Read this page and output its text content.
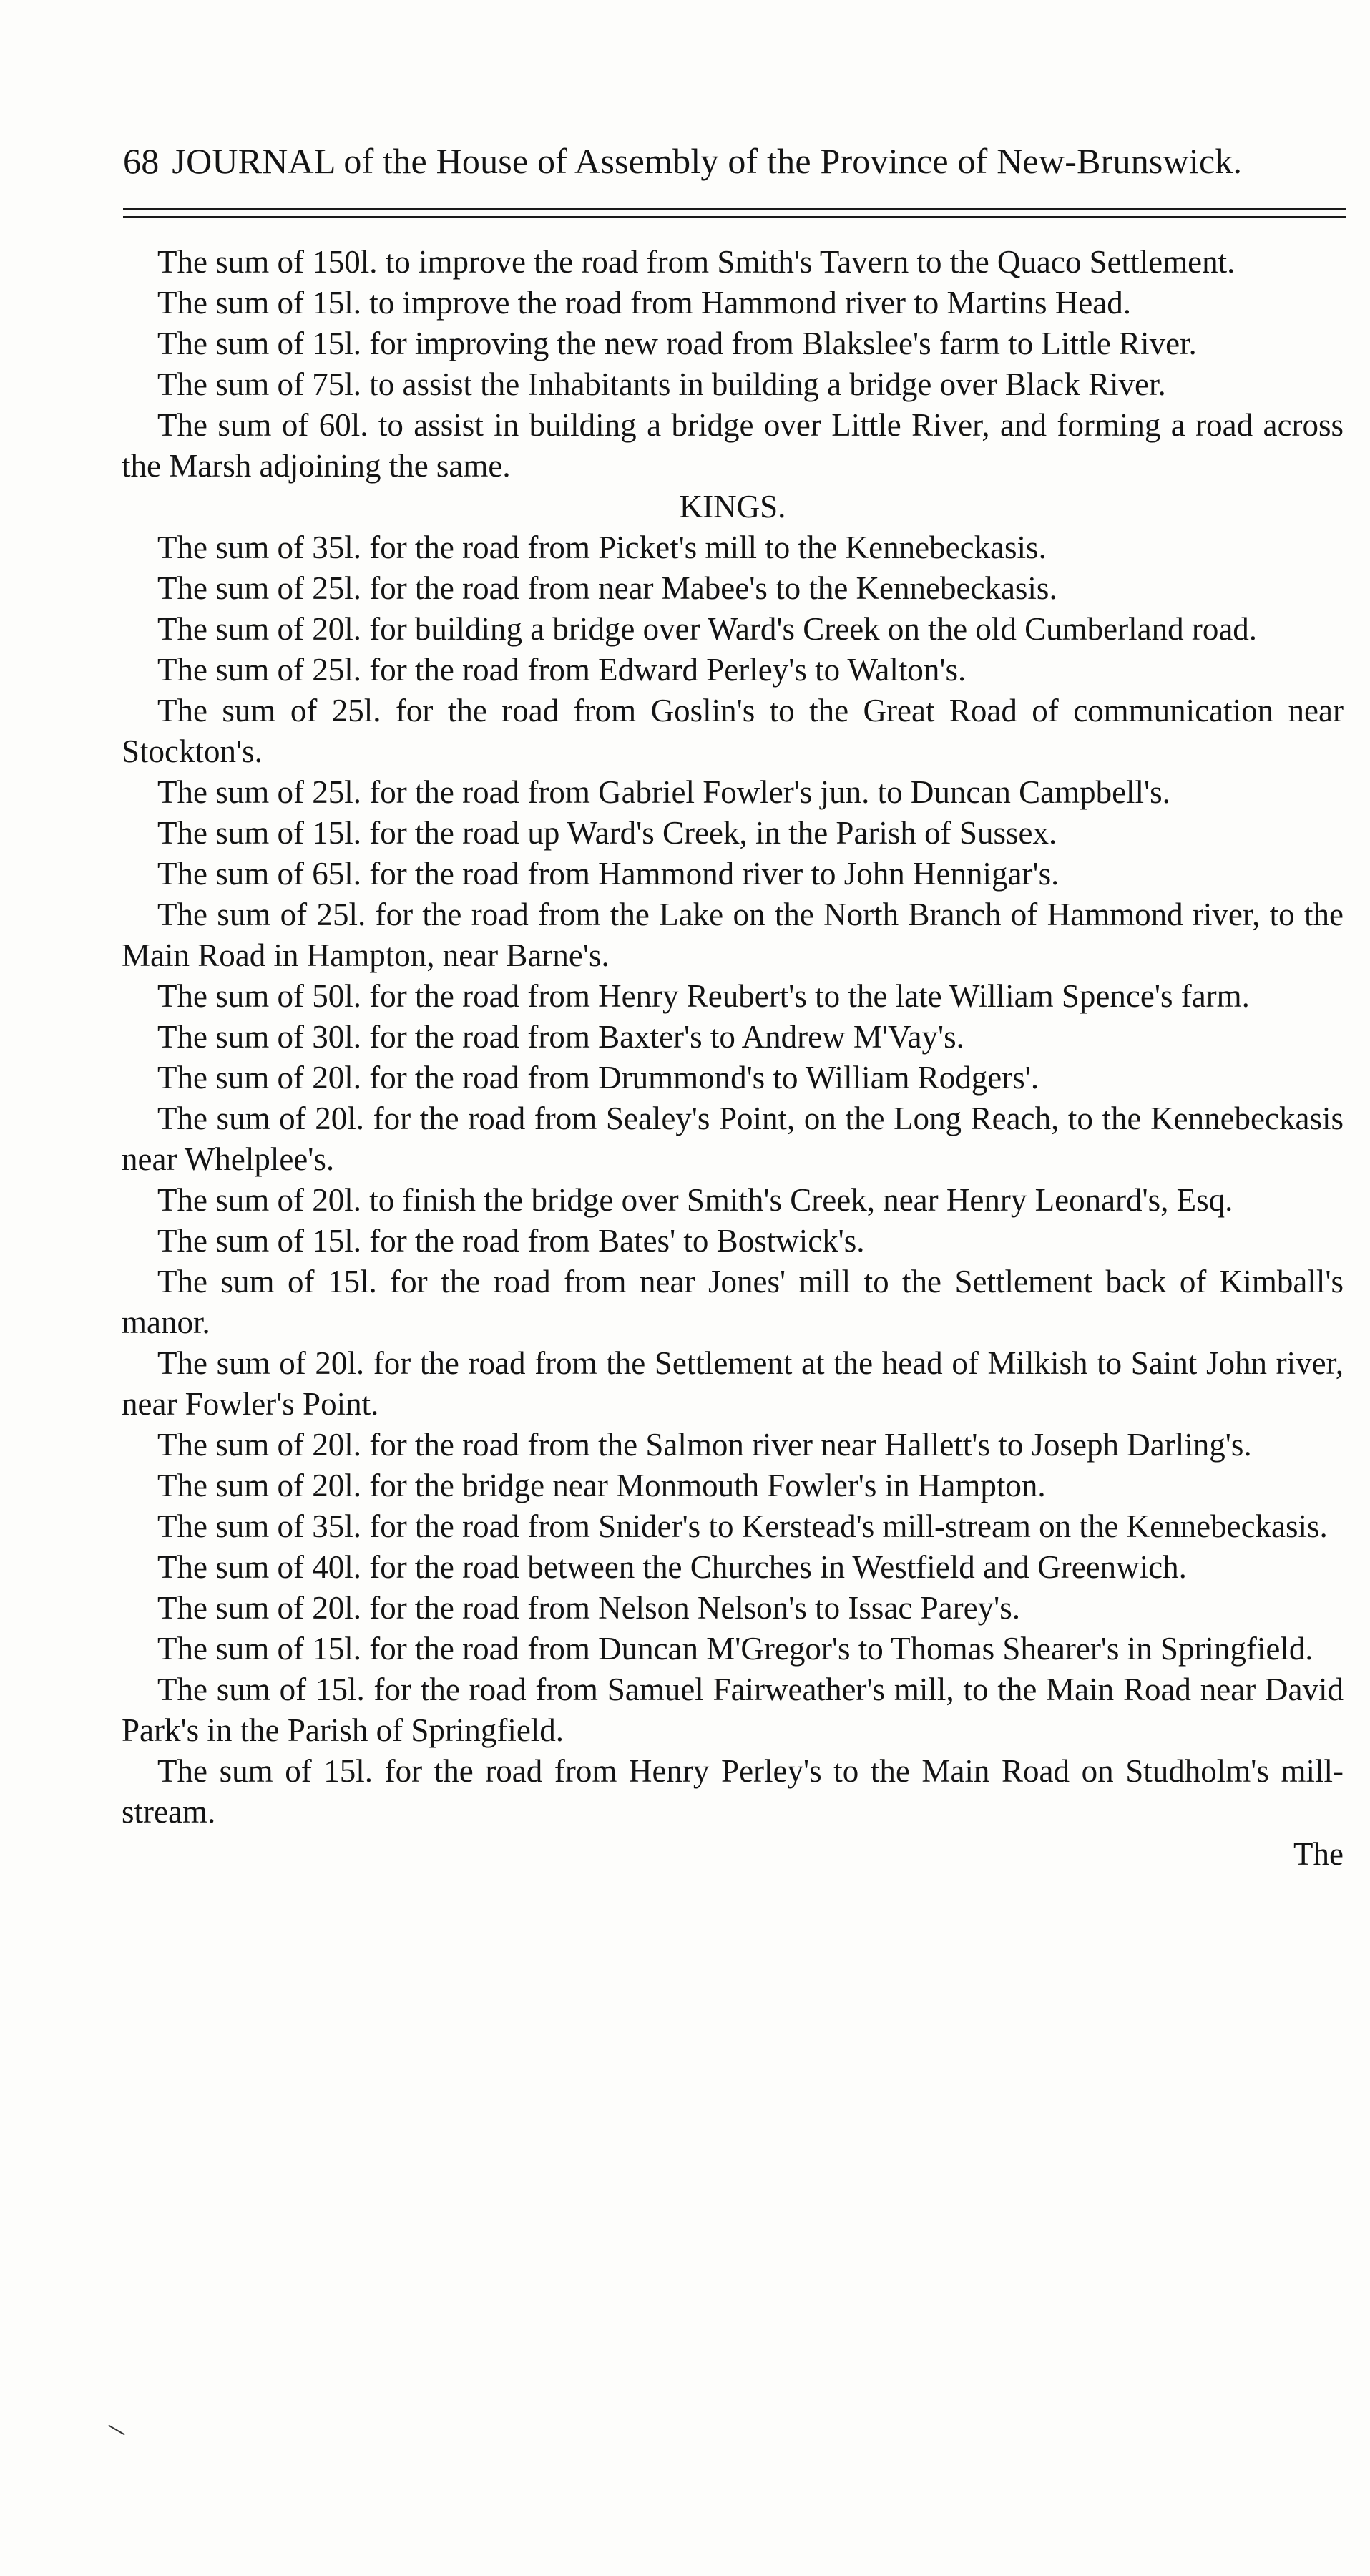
68 JOURNAL of the House of Assembly of the Province of New-Brunswick.

The sum of 150l. to improve the road from Smith's Tavern to the Quaco Settlement.

The sum of 15l. to improve the road from Hammond river to Martins Head.

The sum of 15l. for improving the new road from Blakslee's farm to Little River.

The sum of 75l. to assist the Inhabitants in building a bridge over Black River.

The sum of 60l. to assist in building a bridge over Little River, and forming a road across the Marsh adjoining the same.

KINGS.

The sum of 35l. for the road from Picket's mill to the Kennebeckasis.

The sum of 25l. for the road from near Mabee's to the Kennebeckasis.

The sum of 20l. for building a bridge over Ward's Creek on the old Cumberland road.

The sum of 25l. for the road from Edward Perley's to Walton's.

The sum of 25l. for the road from Goslin's to the Great Road of communication near Stockton's.

The sum of 25l. for the road from Gabriel Fowler's jun. to Duncan Campbell's.

The sum of 15l. for the road up Ward's Creek, in the Parish of Sussex.

The sum of 65l. for the road from Hammond river to John Hennigar's.

The sum of 25l. for the road from the Lake on the North Branch of Hammond river, to the Main Road in Hampton, near Barne's.

The sum of 50l. for the road from Henry Reubert's to the late William Spence's farm.

The sum of 30l. for the road from Baxter's to Andrew M'Vay's.

The sum of 20l. for the road from Drummond's to William Rodgers'.

The sum of 20l. for the road from Sealey's Point, on the Long Reach, to the Kennebeckasis near Whelplee's.

The sum of 20l. to finish the bridge over Smith's Creek, near Henry Leonard's, Esq.

The sum of 15l. for the road from Bates' to Bostwick's.

The sum of 15l. for the road from near Jones' mill to the Settlement back of Kimball's manor.

The sum of 20l. for the road from the Settlement at the head of Milkish to Saint John river, near Fowler's Point.

The sum of 20l. for the road from the Salmon river near Hallett's to Joseph Darling's.

The sum of 20l. for the bridge near Monmouth Fowler's in Hampton.

The sum of 35l. for the road from Snider's to Kerstead's mill-stream on the Kennebeckasis.

The sum of 40l. for the road between the Churches in Westfield and Greenwich.

The sum of 20l. for the road from Nelson Nelson's to Issac Parey's.

The sum of 15l. for the road from Duncan M'Gregor's to Thomas Shearer's in Springfield.

The sum of 15l. for the road from Samuel Fairweather's mill, to the Main Road near David Park's in the Parish of Springfield.

The sum of 15l. for the road from Henry Perley's to the Main Road on Studholm's mill-stream.

The
